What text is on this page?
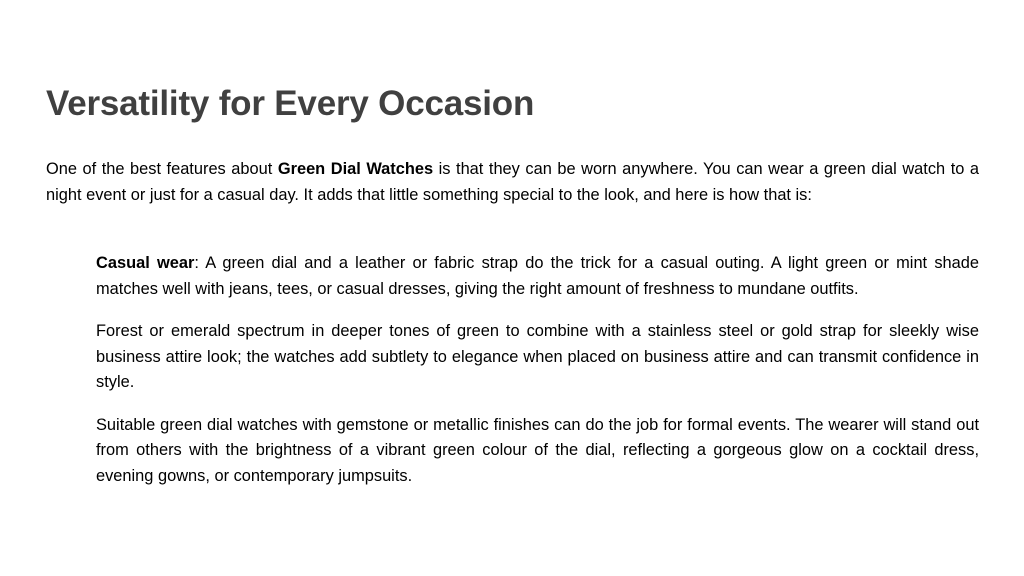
Versatility for Every Occasion

One of the best features about Green Dial Watches is that they can be worn anywhere. You can wear a green dial watch to a night event or just for a casual day. It adds that little something special to the look, and here is how that is:

Casual wear: A green dial and a leather or fabric strap do the trick for a casual outing. A light green or mint shade matches well with jeans, tees, or casual dresses, giving the right amount of freshness to mundane outfits.

Forest or emerald spectrum in deeper tones of green to combine with a stainless steel or gold strap for sleekly wise business attire look; the watches add subtlety to elegance when placed on business attire and can transmit confidence in style.

Suitable green dial watches with gemstone or metallic finishes can do the job for formal events. The wearer will stand out from others with the brightness of a vibrant green colour of the dial, reflecting a gorgeous glow on a cocktail dress, evening gowns, or contemporary jumpsuits.
